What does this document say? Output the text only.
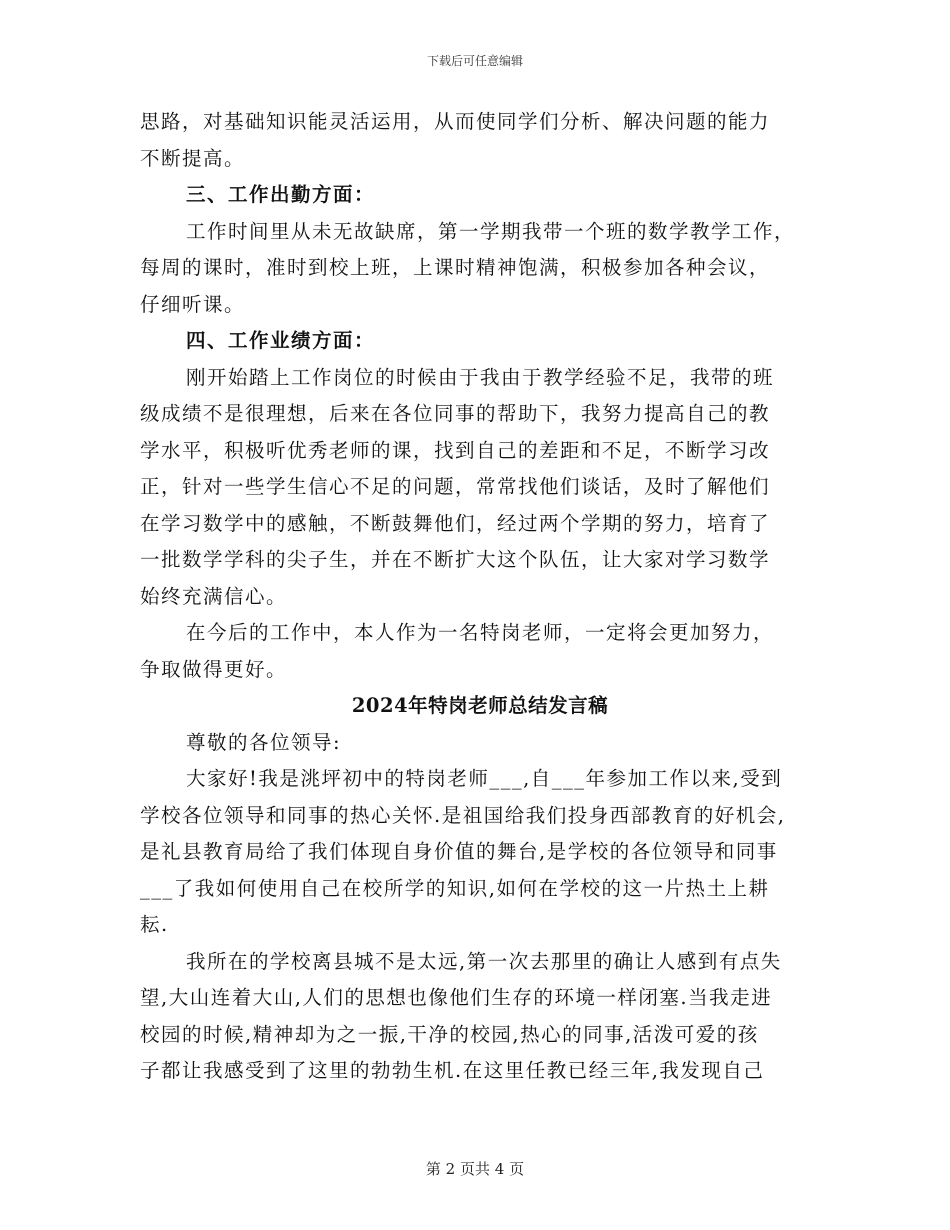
下载后可任意编辑
思路，对基础知识能灵活运用，从而使同学们分析、解决问题的能力
不断提高。
三、工作出勤方面：
工作时间里从未无故缺席，第一学期我带一个班的数学教学工作，
每周的课时，准时到校上班，上课时精神饱满，积极参加各种会议，
仔细听课。
四、工作业绩方面：
刚开始踏上工作岗位的时候由于我由于教学经验不足，我带的班
级成绩不是很理想，后来在各位同事的帮助下，我努力提高自己的教
学水平，积极听优秀老师的课，找到自己的差距和不足，不断学习改
正，针对一些学生信心不足的问题，常常找他们谈话，及时了解他们
在学习数学中的感触，不断鼓舞他们，经过两个学期的努力，培育了
一批数学学科的尖子生，并在不断扩大这个队伍，让大家对学习数学
始终充满信心。
在今后的工作中，本人作为一名特岗老师，一定将会更加努力，
争取做得更好。
2024年特岗老师总结发言稿
尊敬的各位领导:
大家好!我是洮坪初中的特岗老师___,自___年参加工作以来,受到
学校各位领导和同事的热心关怀.是祖国给我们投身西部教育的好机会,
是礼县教育局给了我们体现自身价值的舞台,是学校的各位领导和同事
___了我如何使用自己在校所学的知识,如何在学校的这一片热土上耕
耘.
我所在的学校离县城不是太远,第一次去那里的确让人感到有点失
望,大山连着大山,人们的思想也像他们生存的环境一样闭塞.当我走进
校园的时候,精神却为之一振,干净的校园,热心的同事,活泼可爱的孩
子都让我感受到了这里的勃勃生机.在这里任教已经三年,我发现自己
第 2 页共 4 页
